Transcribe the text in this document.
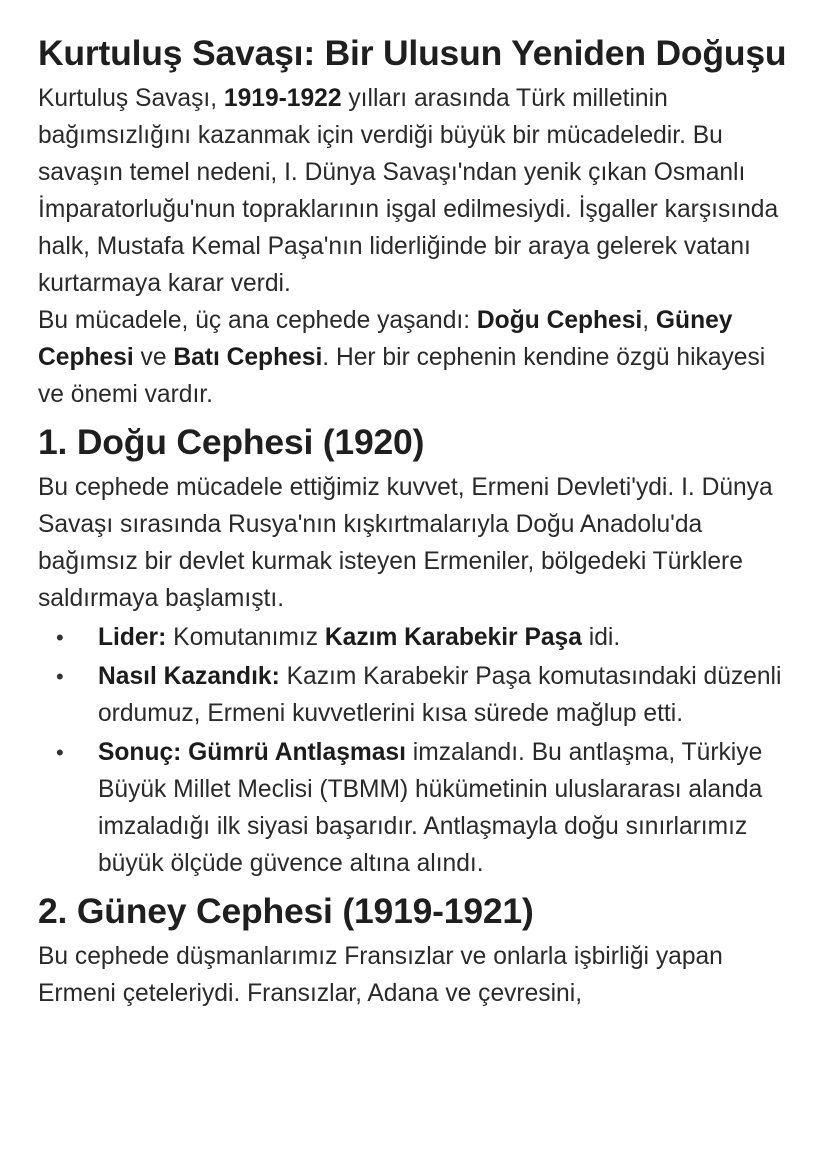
Kurtuluş Savaşı: Bir Ulusun Yeniden Doğuşu

Kurtuluş Savaşı, 1919-1922 yılları arasında Türk milletinin bağımsızlığını kazanmak için verdiği büyük bir mücadeledir. Bu savaşın temel nedeni, I. Dünya Savaşı'ndan yenik çıkan Osmanlı İmparatorluğu'nun topraklarının işgal edilmesiydi. İşgaller karşısında halk, Mustafa Kemal Paşa'nın liderliğinde bir araya gelerek vatanı kurtarmaya karar verdi.

Bu mücadele, üç ana cephede yaşandı: Doğu Cephesi, Güney Cephesi ve Batı Cephesi. Her bir cephenin kendine özgü hikayesi ve önemi vardır.

1. Doğu Cephesi (1920)

Bu cephede mücadele ettiğimiz kuvvet, Ermeni Devleti'ydi. I. Dünya Savaşı sırasında Rusya'nın kışkırtmalarıyla Doğu Anadolu'da bağımsız bir devlet kurmak isteyen Ermeniler, bölgedeki Türklere saldırmaya başlamıştı.

• Lider: Komutanımız Kazım Karabekir Paşa idi.
• Nasıl Kazandık: Kazım Karabekir Paşa komutasındaki düzenli ordumuz, Ermeni kuvvetlerini kısa sürede mağlup etti.
• Sonuç: Gümrü Antlaşması imzalandı. Bu antlaşma, Türkiye Büyük Millet Meclisi (TBMM) hükümetinin uluslararası alanda imzaladığı ilk siyasi başarıdır. Antlaşmayla doğu sınırlarımız büyük ölçüde güvence altına alındı.
2. Güney Cephesi (1919-1921)

Bu cephede düşmanlarımız Fransızlar ve onlarla işbirliği yapan Ermeni çeteleriydi. Fransızlar, Adana ve çevresini,
